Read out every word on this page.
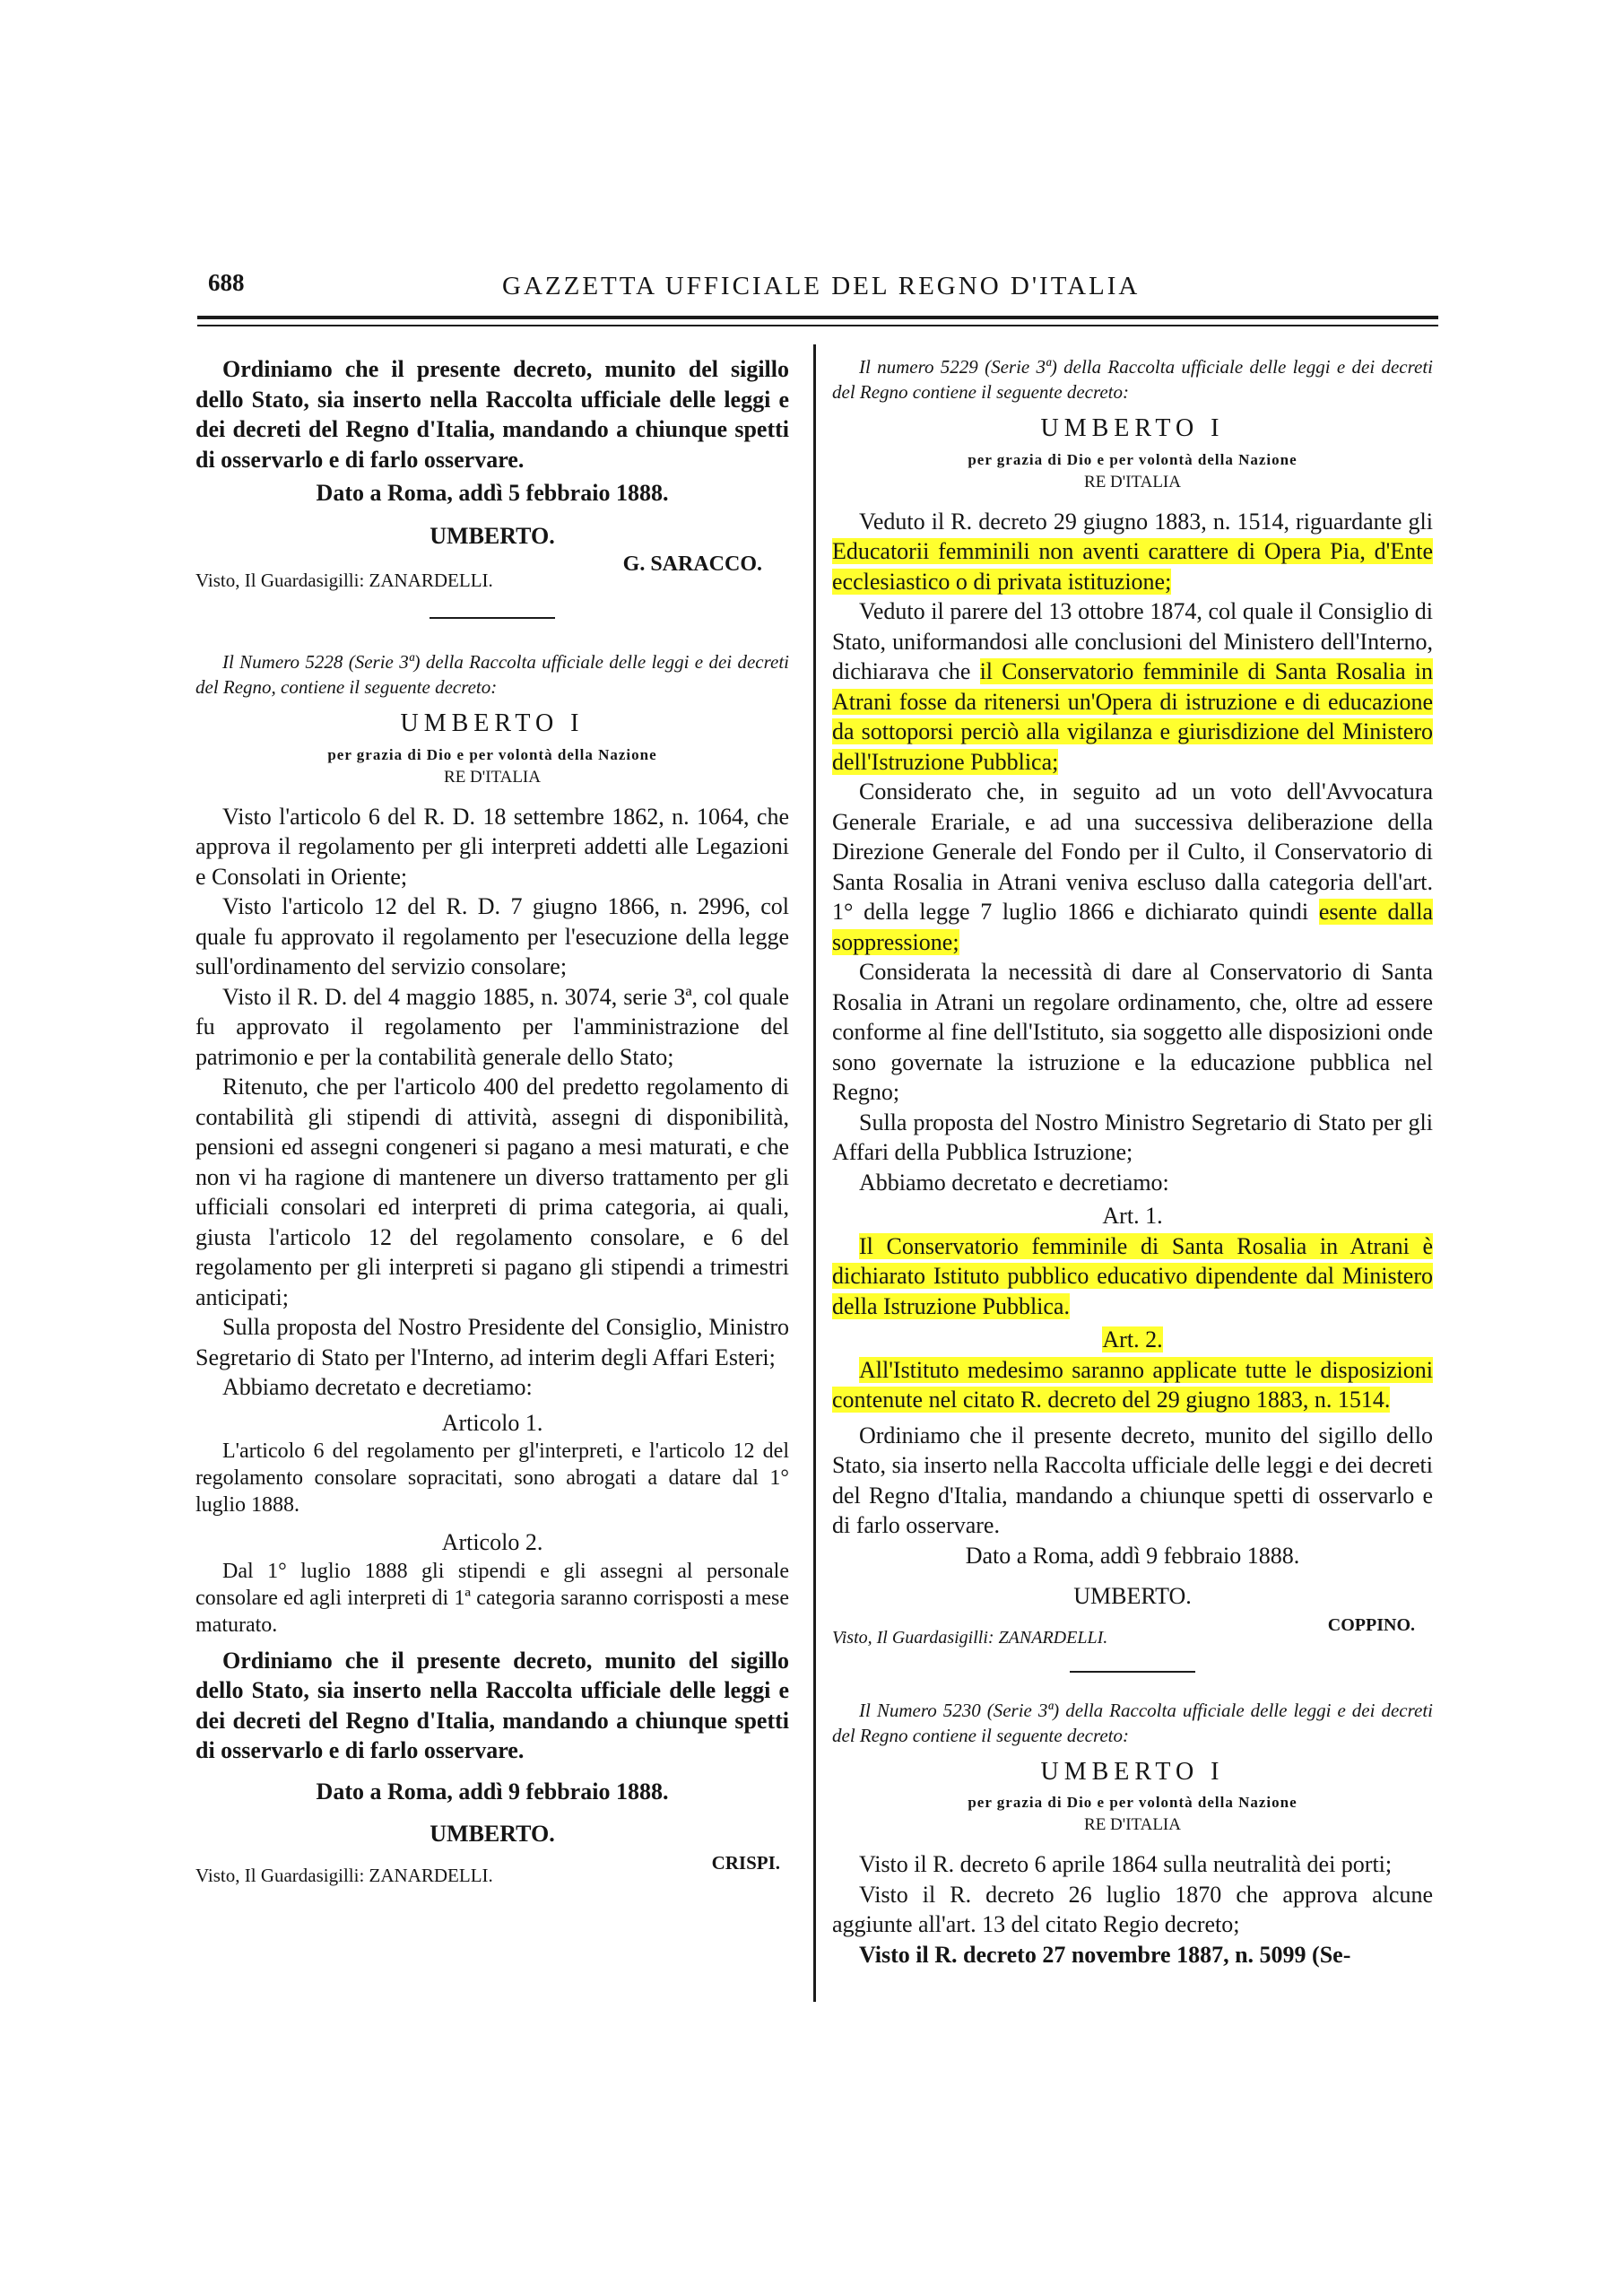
688	GAZZETTA UFFICIALE DEL REGNO D'ITALIA

Ordiniamo che il presente decreto, munito del sigillo dello Stato, sia inserto nella Raccolta ufficiale delle leggi e dei decreti del Regno d'Italia, mandando a chiunque spetti di osservarlo e di farlo osservare.

Dato a Roma, addì 5 febbraio 1888.

UMBERTO.

Visto, Il Guardasigilli: ZANARDELLI.
G. SARACCO.

Il Numero 5228 (Serie 3ª) della Raccolta ufficiale delle leggi e dei decreti del Regno, contiene il seguente decreto:

UMBERTO I

per grazia di Dio e per volontà della Nazione

RE D'ITALIA

Visto l'articolo 6 del R. D. 18 settembre 1862, n. 1064, che approva il regolamento per gli interpreti addetti alle Legazioni e Consolati in Oriente;

Visto l'articolo 12 del R. D. 7 giugno 1866, n. 2996, col quale fu approvato il regolamento per l'esecuzione della legge sull'ordinamento del servizio consolare;

Visto il R. D. del 4 maggio 1885, n. 3074, serie 3ª, col quale fu approvato il regolamento per l'amministrazione del patrimonio e per la contabilità generale dello Stato;

Ritenuto, che per l'articolo 400 del predetto regolamento di contabilità gli stipendi di attività, assegni di disponibilità, pensioni ed assegni congeneri si pagano a mesi maturati, e che non vi ha ragione di mantenere un diverso trattamento per gli ufficiali consolari ed interpreti di prima categoria, ai quali, giusta l'articolo 12 del regolamento consolare, e 6 del regolamento per gli interpreti si pagano gli stipendi a trimestri anticipati;

Sulla proposta del Nostro Presidente del Consiglio, Ministro Segretario di Stato per l'Interno, ad interim degli Affari Esteri;

Abbiamo decretato e decretiamo:

Articolo 1.

L'articolo 6 del regolamento per gl'interpreti, e l'articolo 12 del regolamento consolare sopracitati, sono abrogati a datare dal 1° luglio 1888.

Articolo 2.

Dal 1° luglio 1888 gli stipendi e gli assegni al personale consolare ed agli interpreti di 1ª categoria saranno corrisposti a mese maturato.

Ordiniamo che il presente decreto, munito del sigillo dello Stato, sia inserto nella Raccolta ufficiale delle leggi e dei decreti del Regno d'Italia, mandando a chiunque spetti di osservarlo e di farlo osservare.

Dato a Roma, addì 9 febbraio 1888.

UMBERTO.

Visto, Il Guardasigilli: ZANARDELLI.
CRISPI.

Il numero 5229 (Serie 3ª) della Raccolta ufficiale delle leggi e dei decreti del Regno contiene il seguente decreto:

UMBERTO I

per grazia di Dio e per volontà della Nazione

RE D'ITALIA

Veduto il R. decreto 29 giugno 1883, n. 1514, riguardante gli Educatorii femminili non aventi carattere di Opera Pia, d'Ente ecclesiastico o di privata istituzione;

Veduto il parere del 13 ottobre 1874, col quale il Consiglio di Stato, uniformandosi alle conclusioni del Ministero dell'Interno, dichiarava che il Conservatorio femminile di Santa Rosalia in Atrani fosse da ritenersi un'Opera di istruzione e di educazione da sottoporsi perciò alla vigilanza e giurisdizione del Ministero dell'Istruzione Pubblica;

Considerato che, in seguito ad un voto dell'Avvocatura Generale Erariale, e ad una successiva deliberazione della Direzione Generale del Fondo per il Culto, il Conservatorio di Santa Rosalia in Atrani veniva escluso dalla categoria dell'art. 1° della legge 7 luglio 1866 e dichiarato quindi esente dalla soppressione;

Considerata la necessità di dare al Conservatorio di Santa Rosalia in Atrani un regolare ordinamento, che, oltre ad essere conforme al fine dell'Istituto, sia soggetto alle disposizioni onde sono governate la istruzione e la educazione pubblica nel Regno;

Sulla proposta del Nostro Ministro Segretario di Stato per gli Affari della Pubblica Istruzione;

Abbiamo decretato e decretiamo:

Art. 1.

Il Conservatorio femminile di Santa Rosalia in Atrani è dichiarato Istituto pubblico educativo dipendente dal Ministero della Istruzione Pubblica.

Art. 2.

All'Istituto medesimo saranno applicate tutte le disposizioni contenute nel citato R. decreto del 29 giugno 1883, n. 1514.

Ordiniamo che il presente decreto, munito del sigillo dello Stato, sia inserto nella Raccolta ufficiale delle leggi e dei decreti del Regno d'Italia, mandando a chiunque spetti di osservarlo e di farlo osservare.

Dato a Roma, addì 9 febbraio 1888.

UMBERTO.

Visto, Il Guardasigilli: ZANARDELLI.
COPPINO.

Il Numero 5230 (Serie 3ª) della Raccolta ufficiale delle leggi e dei decreti del Regno contiene il seguente decreto:

UMBERTO I

per grazia di Dio e per volontà della Nazione

RE D'ITALIA

Visto il R. decreto 6 aprile 1864 sulla neutralità dei porti;

Visto il R. decreto 26 luglio 1870 che approva alcune aggiunte all'art. 13 del citato Regio decreto;

Visto il R. decreto 27 novembre 1887, n. 5099 (Se-
